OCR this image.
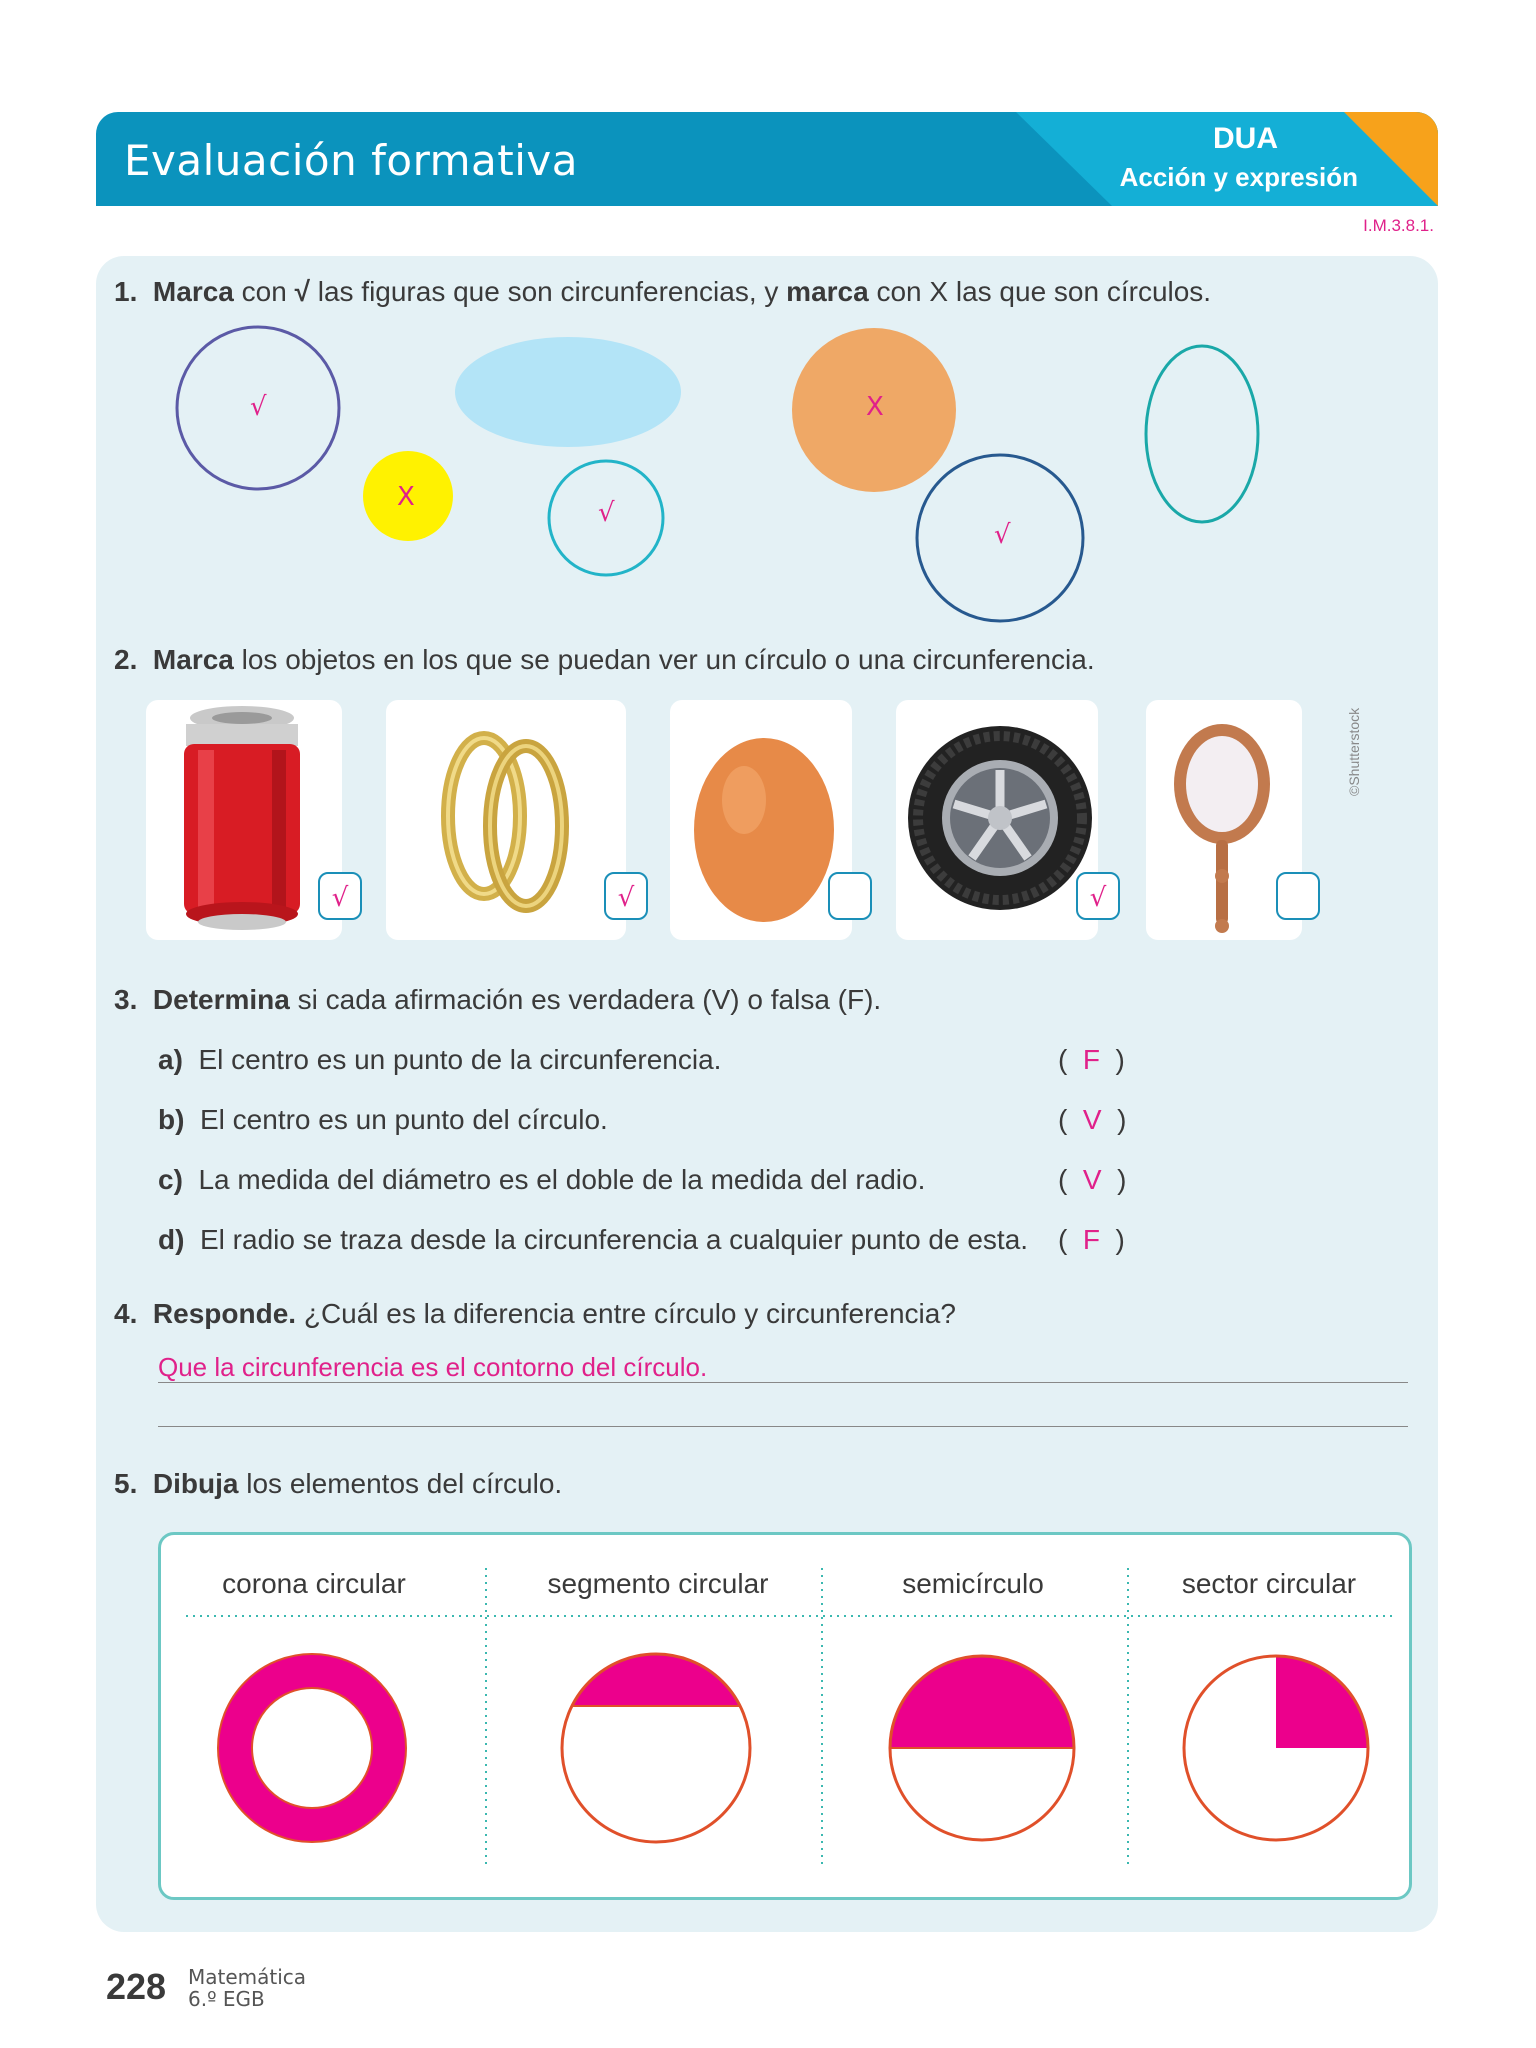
Evaluación formativa	DUA
Acción y expresión
I.M.3.8.1.
1. Marca con √ las figuras que son circunferencias, y marca con X las que son círculos.
√
X
√
X
√
2. Marca los objetos en los que se puedan ver un círculo o una circunferencia.
√	√	√
©Shutterstock
3. Determina si cada afirmación es verdadera (V) o falsa (F).
a) El centro es un punto de la circunferencia.	(  F  )
b) El centro es un punto del círculo.	(  V  )
c) La medida del diámetro es el doble de la medida del radio.	(  V  )
d) El radio se traza desde la circunferencia a cualquier punto de esta. (  F  )
4. Responde. ¿Cuál es la diferencia entre círculo y circunferencia?
Que la circunferencia es el contorno del círculo.
5. Dibuja los elementos del círculo.
corona circular	segmento circular	semicírculo	sector circular
228 Matemática
6.º EGB
